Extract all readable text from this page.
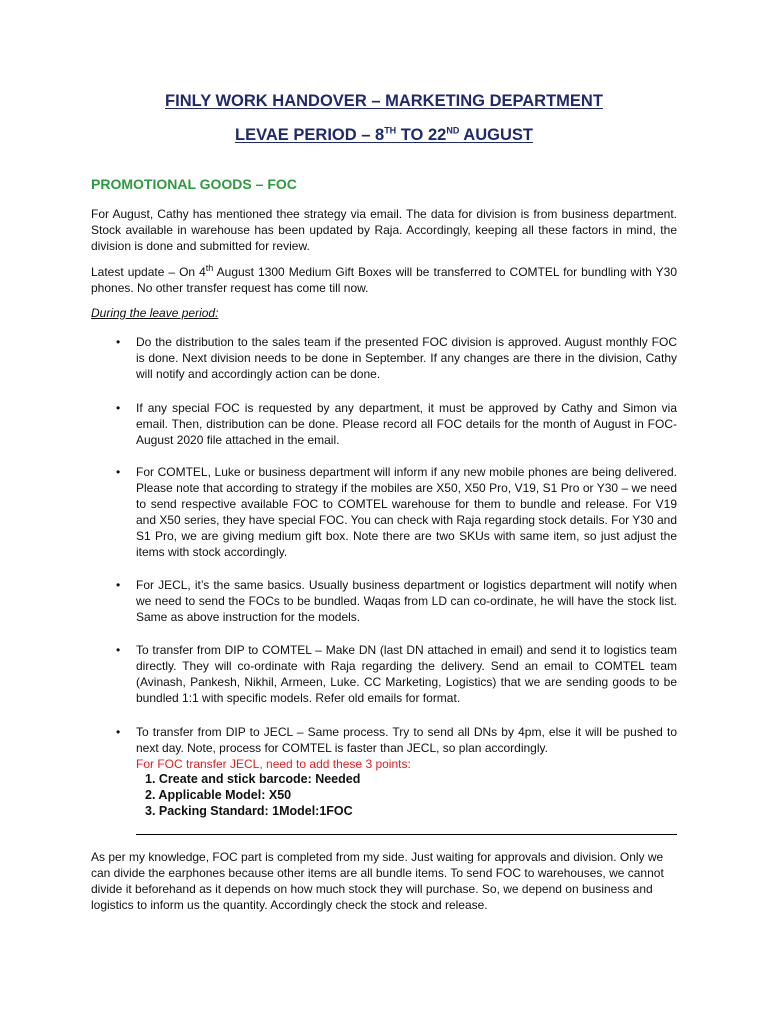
FINLY WORK HANDOVER – MARKETING DEPARTMENT
LEVAE PERIOD – 8TH TO 22ND AUGUST
PROMOTIONAL GOODS – FOC
For August, Cathy has mentioned thee strategy via email. The data for division is from business department. Stock available in warehouse has been updated by Raja. Accordingly, keeping all these factors in mind, the division is done and submitted for review.
Latest update – On 4th August 1300 Medium Gift Boxes will be transferred to COMTEL for bundling with Y30 phones. No other transfer request has come till now.
During the leave period:
• Do the distribution to the sales team if the presented FOC division is approved. August monthly FOC is done. Next division needs to be done in September. If any changes are there in the division, Cathy will notify and accordingly action can be done.
• If any special FOC is requested by any department, it must be approved by Cathy and Simon via email. Then, distribution can be done. Please record all FOC details for the month of August in FOC-August 2020 file attached in the email.
• For COMTEL, Luke or business department will inform if any new mobile phones are being delivered. Please note that according to strategy if the mobiles are X50, X50 Pro, V19, S1 Pro or Y30 – we need to send respective available FOC to COMTEL warehouse for them to bundle and release. For V19 and X50 series, they have special FOC. You can check with Raja regarding stock details. For Y30 and S1 Pro, we are giving medium gift box. Note there are two SKUs with same item, so just adjust the items with stock accordingly.
• For JECL, it’s the same basics. Usually business department or logistics department will notify when we need to send the FOCs to be bundled. Waqas from LD can co-ordinate, he will have the stock list. Same as above instruction for the models.
• To transfer from DIP to COMTEL – Make DN (last DN attached in email) and send it to logistics team directly. They will co-ordinate with Raja regarding the delivery. Send an email to COMTEL team (Avinash, Pankesh, Nikhil, Armeen, Luke. CC Marketing, Logistics) that we are sending goods to be bundled 1:1 with specific models. Refer old emails for format.
• To transfer from DIP to JECL – Same process. Try to send all DNs by 4pm, else it will be pushed to next day. Note, process for COMTEL is faster than JECL, so plan accordingly.
For FOC transfer JECL, need to add these 3 points:
1. Create and stick barcode: Needed
2. Applicable Model: X50
3. Packing Standard: 1Model:1FOC
As per my knowledge, FOC part is completed from my side. Just waiting for approvals and division. Only we can divide the earphones because other items are all bundle items. To send FOC to warehouses, we cannot divide it beforehand as it depends on how much stock they will purchase. So, we depend on business and logistics to inform us the quantity. Accordingly check the stock and release.
